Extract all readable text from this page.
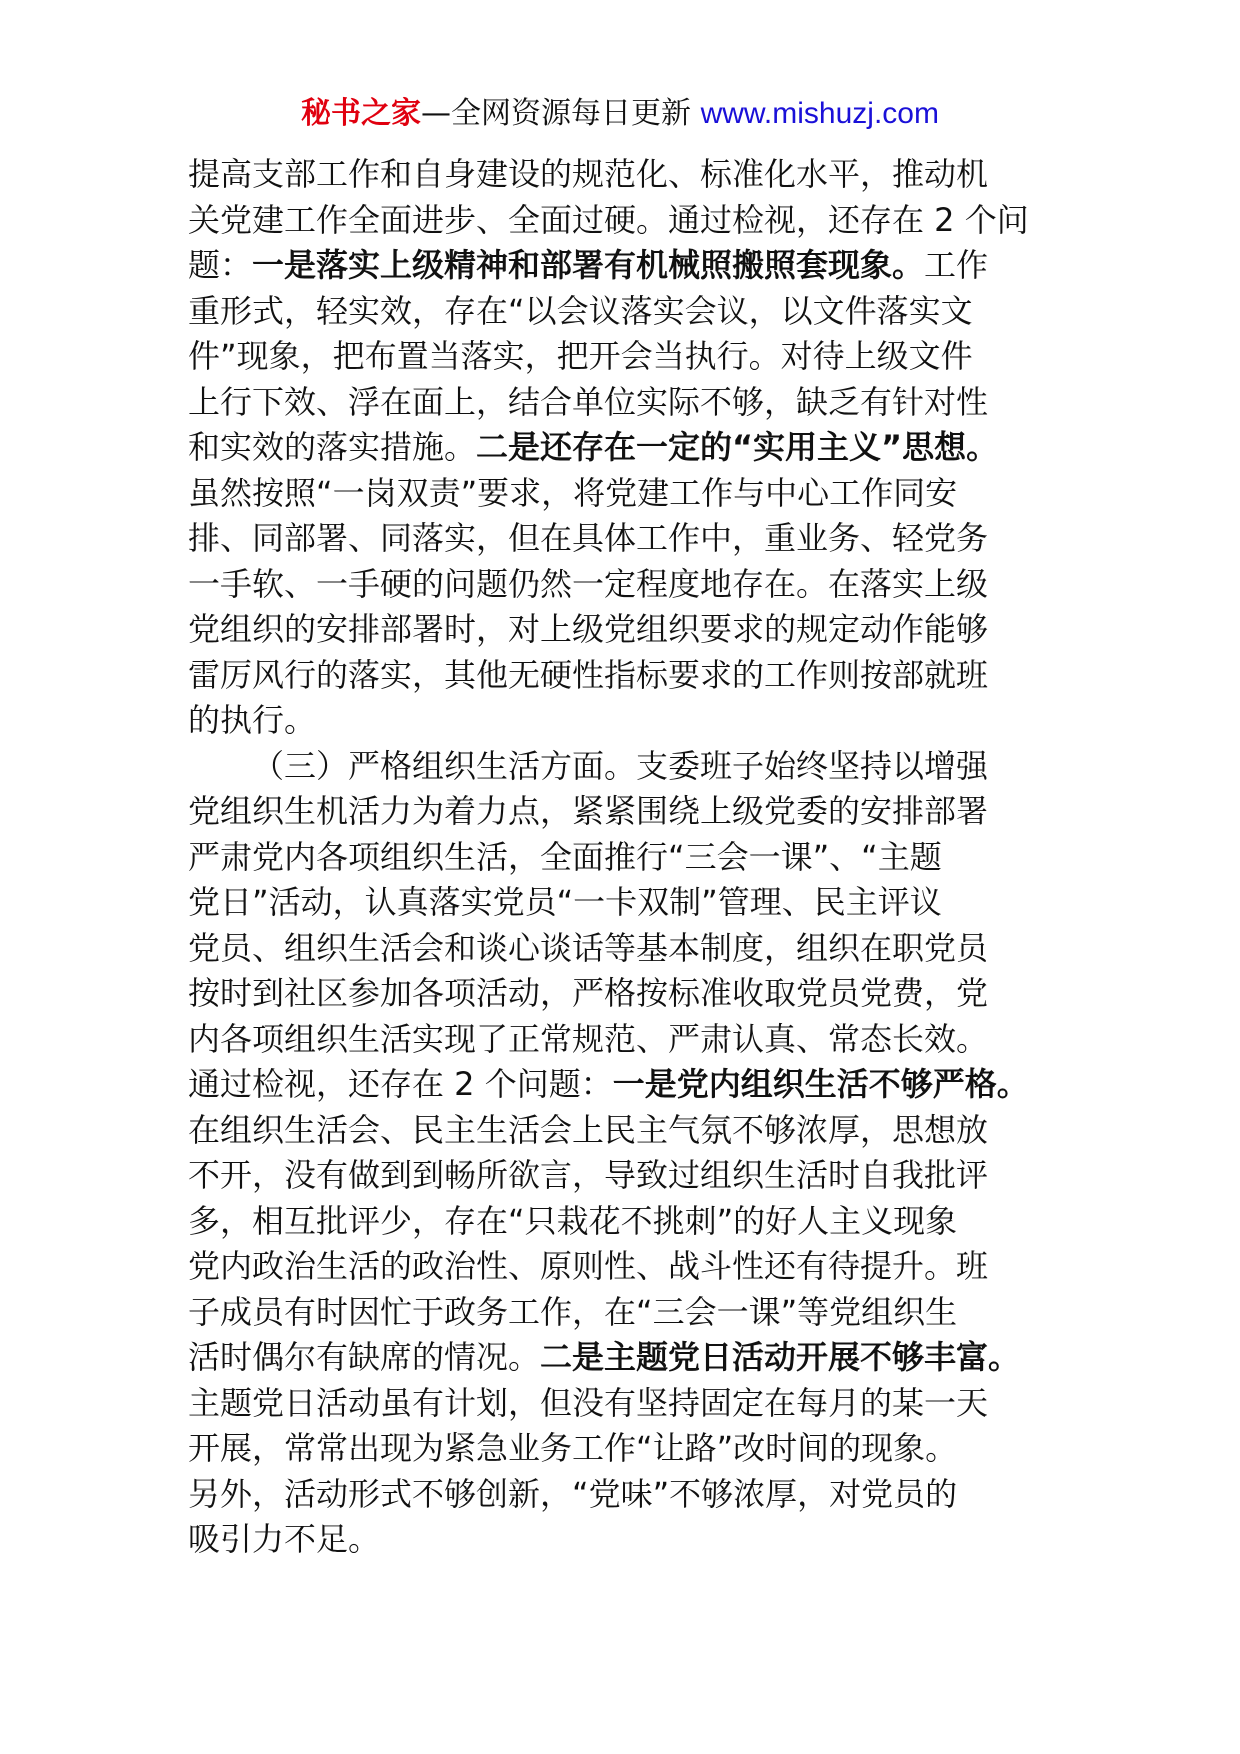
秘书之家—全网资源每日更新 www.mishuzj.com
提高支部工作和自身建设的规范化、标准化水平，推动机
关党建工作全面进步、全面过硬。通过检视，还存在 2 个问
题：一是落实上级精神和部署有机械照搬照套现象。工作
重形式，轻实效，存在“以会议落实会议，以文件落实文
件”现象，把布置当落实，把开会当执行。对待上级文件
上行下效、浮在面上，结合单位实际不够，缺乏有针对性
和实效的落实措施。二是还存在一定的“实用主义”思想。
虽然按照“一岗双责”要求，将党建工作与中心工作同安
排、同部署、同落实，但在具体工作中，重业务、轻党务
一手软、一手硬的问题仍然一定程度地存在。在落实上级
党组织的安排部署时，对上级党组织要求的规定动作能够
雷厉风行的落实，其他无硬性指标要求的工作则按部就班
的执行。
（三）严格组织生活方面。支委班子始终坚持以增强
党组织生机活力为着力点，紧紧围绕上级党委的安排部署
严肃党内各项组织生活，全面推行“三会一课”、“主题
党日”活动，认真落实党员“一卡双制”管理、民主评议
党员、组织生活会和谈心谈话等基本制度，组织在职党员
按时到社区参加各项活动，严格按标准收取党员党费，党
内各项组织生活实现了正常规范、严肃认真、常态长效。
通过检视，还存在 2 个问题：一是党内组织生活不够严格。
在组织生活会、民主生活会上民主气氛不够浓厚，思想放
不开，没有做到到畅所欲言，导致过组织生活时自我批评
多，相互批评少，存在“只栽花不挑刺”的好人主义现象
党内政治生活的政治性、原则性、战斗性还有待提升。班
子成员有时因忙于政务工作，在“三会一课”等党组织生
活时偶尔有缺席的情况。二是主题党日活动开展不够丰富。
主题党日活动虽有计划，但没有坚持固定在每月的某一天
开展，常常出现为紧急业务工作“让路”改时间的现象。
另外，活动形式不够创新，“党味”不够浓厚，对党员的
吸引力不足。
